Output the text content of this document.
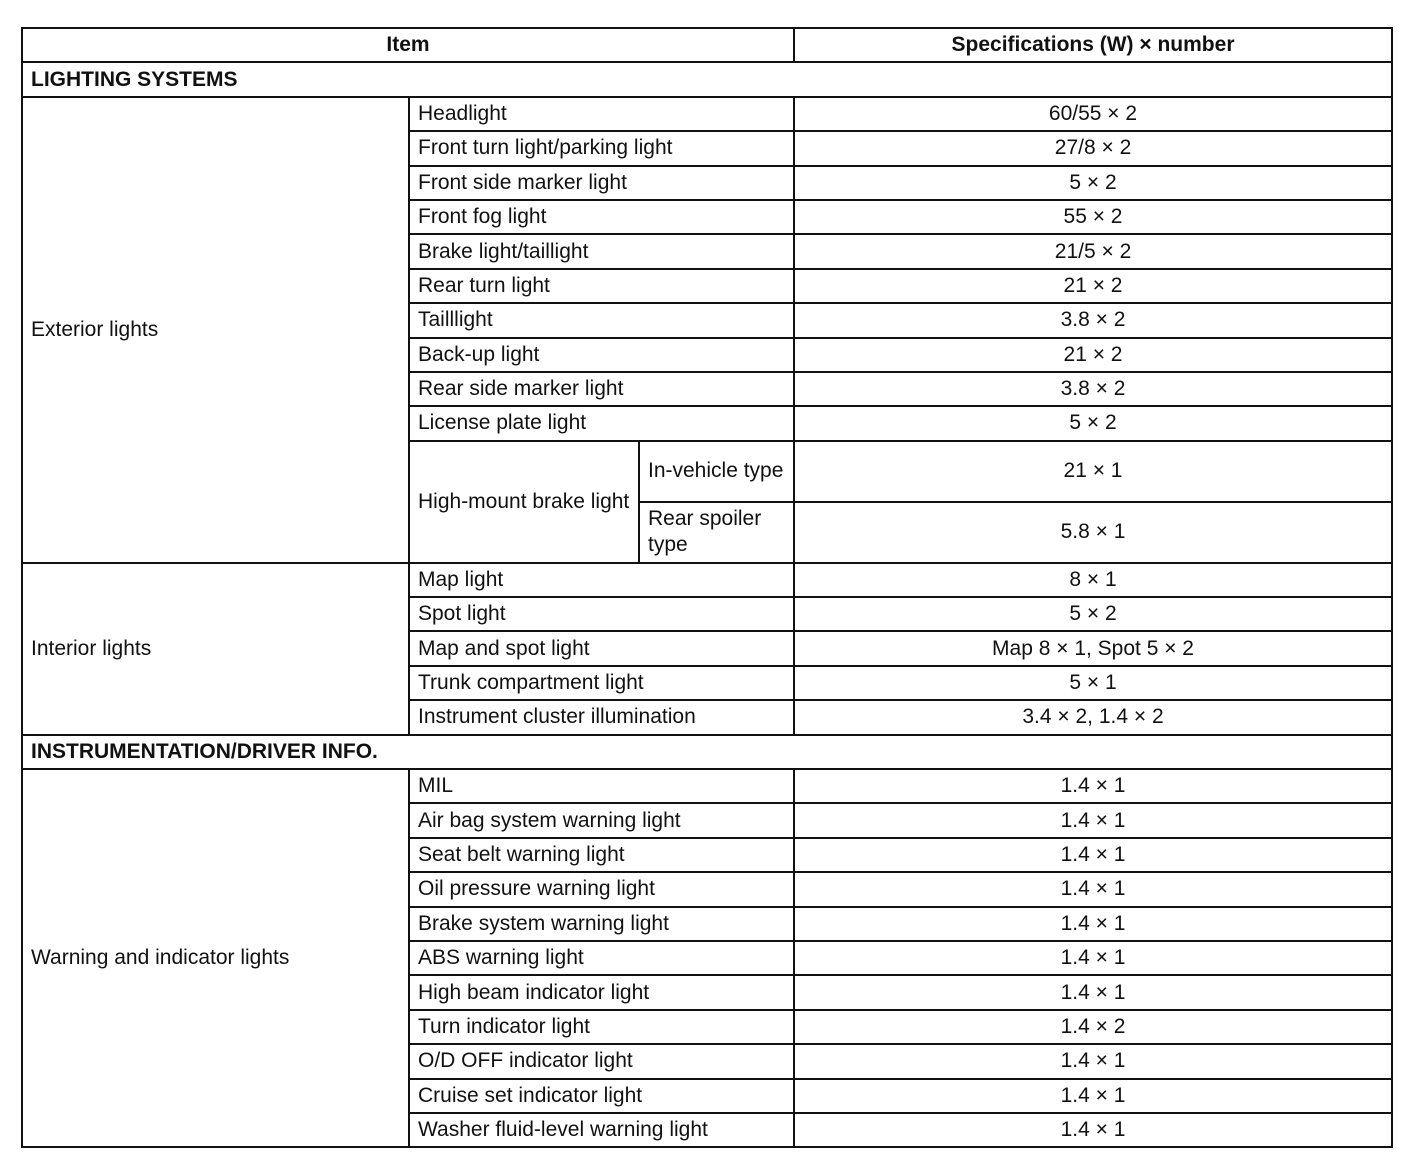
Item			Specifications (W) × number
LIGHTING SYSTEMS			
Exterior lights	Headlight		60/55 × 2
	Front turn light/parking light		27/8 × 2
	Front side marker light		5 × 2
	Front fog light		55 × 2
	Brake light/taillight		21/5 × 2
	Rear turn light		21 × 2
	Tailllight		3.8 × 2
	Back-up light		21 × 2
	Rear side marker light		3.8 × 2
	License plate light		5 × 2
	High-mount brake light	In-vehicle type	21 × 1
		Rear spoiler type	5.8 × 1
Interior lights	Map light		8 × 1
	Spot light		5 × 2
	Map and spot light		Map 8 × 1, Spot 5 × 2
	Trunk compartment light		5 × 1
	Instrument cluster illumination		3.4 × 2, 1.4 × 2
INSTRUMENTATION/DRIVER INFO.			
Warning and indicator lights	MIL		1.4 × 1
	Air bag system warning light		1.4 × 1
	Seat belt warning light		1.4 × 1
	Oil pressure warning light		1.4 × 1
	Brake system warning light		1.4 × 1
	ABS warning light		1.4 × 1
	High beam indicator light		1.4 × 1
	Turn indicator light		1.4 × 2
	O/D OFF indicator light		1.4 × 1
	Cruise set indicator light		1.4 × 1
	Washer fluid-level warning light		1.4 × 1
